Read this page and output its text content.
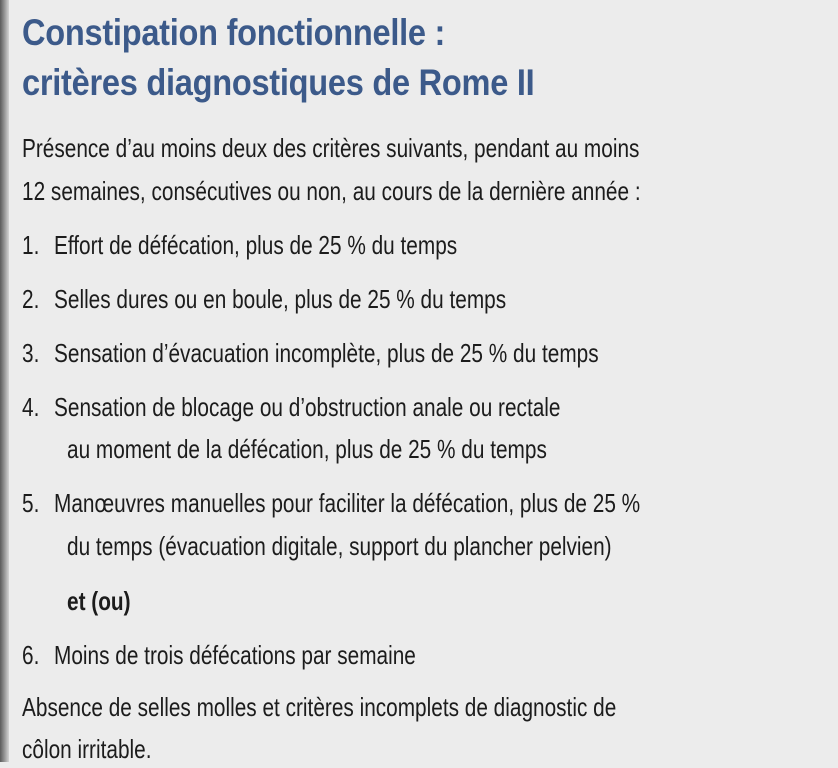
Constipation fonctionnelle :
critères diagnostiques de Rome II
Présence d’au moins deux des critères suivants, pendant au moins
12 semaines, consécutives ou non, au cours de la dernière année :
1. Effort de défécation, plus de 25 % du temps
2. Selles dures ou en boule, plus de 25 % du temps
3. Sensation d’évacuation incomplète, plus de 25 % du temps
4. Sensation de blocage ou d’obstruction anale ou rectale
au moment de la défécation, plus de 25 % du temps
5. Manœuvres manuelles pour faciliter la défécation, plus de 25 %
du temps (évacuation digitale, support du plancher pelvien)
et (ou)
6. Moins de trois défécations par semaine
Absence de selles molles et critères incomplets de diagnostic de
côlon irritable.
